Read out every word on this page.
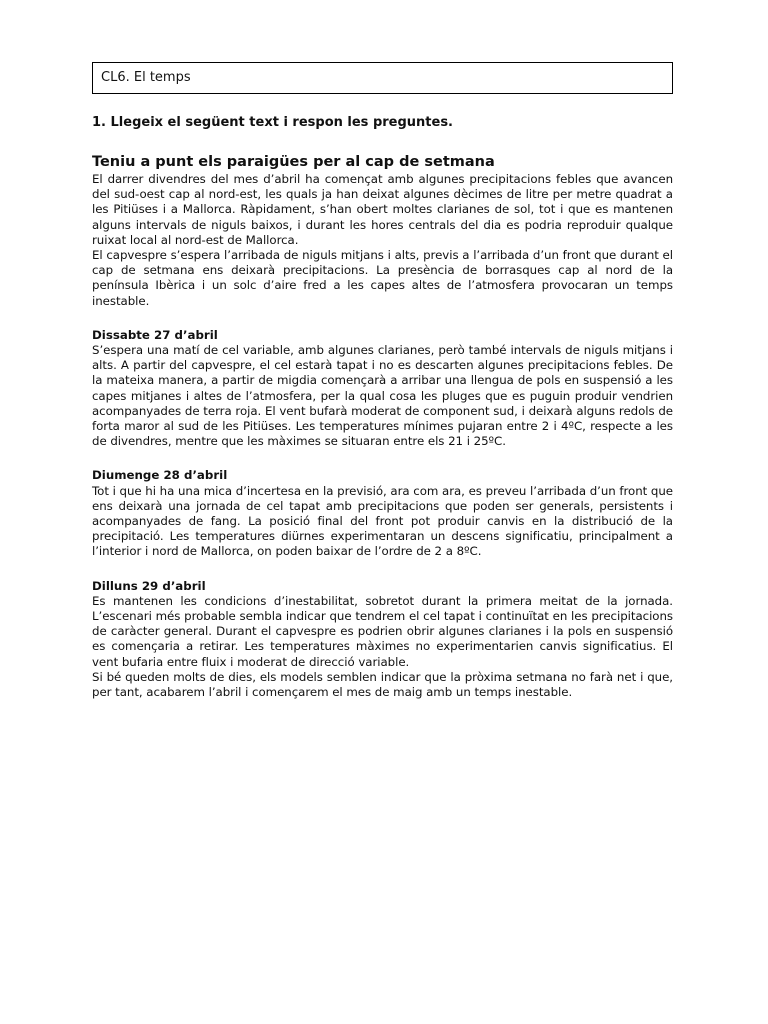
CL6. El temps
1. Llegeix el següent text i respon les preguntes.
Teniu a punt els paraigües per al cap de setmana

El darrer divendres del mes d’abril ha començat amb algunes precipitacions febles que avancen del sud-oest cap al nord-est, les quals ja han deixat algunes dècimes de litre per metre quadrat a les Pitiüses i a Mallorca. Ràpidament, s’han obert moltes clarianes de sol, tot i que es mantenen alguns intervals de niguls baixos, i durant les hores centrals del dia es podria reproduir qualque ruixat local al nord-est de Mallorca.

El capvespre s’espera l’arribada de niguls mitjans i alts, previs a l’arribada d’un front que durant el cap de setmana ens deixarà precipitacions. La presència de borrasques cap al nord de la península Ibèrica i un solc d’aire fred a les capes altes de l’atmosfera provocaran un temps inestable.

Dissabte 27 d’abril

S’espera una matí de cel variable, amb algunes clarianes, però també intervals de niguls mitjans i alts. A partir del capvespre, el cel estarà tapat i no es descarten algunes precipitacions febles. De la mateixa manera, a partir de migdia començarà a arribar una llengua de pols en suspensió a les capes mitjanes i altes de l’atmosfera, per la qual cosa les pluges que es puguin produir vendrien acompanyades de terra roja. El vent bufarà moderat de component sud, i deixarà alguns redols de forta maror al sud de les Pitiüses. Les temperatures mínimes pujaran entre 2 i 4ºC, respecte a les de divendres, mentre que les màximes se situaran entre els 21 i 25ºC.

Diumenge 28 d’abril

Tot i que hi ha una mica d’incertesa en la previsió, ara com ara, es preveu l’arribada d’un front que ens deixarà una jornada de cel tapat amb precipitacions que poden ser generals, persistents i acompanyades de fang. La posició final del front pot produir canvis en la distribució de la precipitació. Les temperatures diürnes experimentaran un descens significatiu, principalment a l’interior i nord de Mallorca, on poden baixar de l’ordre de 2 a 8ºC.

Dilluns 29 d’abril

Es mantenen les condicions d’inestabilitat, sobretot durant la primera meitat de la jornada. L’escenari més probable sembla indicar que tendrem el cel tapat i continuïtat en les precipitacions de caràcter general. Durant el capvespre es podrien obrir algunes clarianes i la pols en suspensió es començaria a retirar. Les temperatures màximes no experimentarien canvis significatius. El vent bufaria entre fluix i moderat de direcció variable.

Si bé queden molts de dies, els models semblen indicar que la pròxima setmana no farà net i que, per tant, acabarem l’abril i començarem el mes de maig amb un temps inestable.
